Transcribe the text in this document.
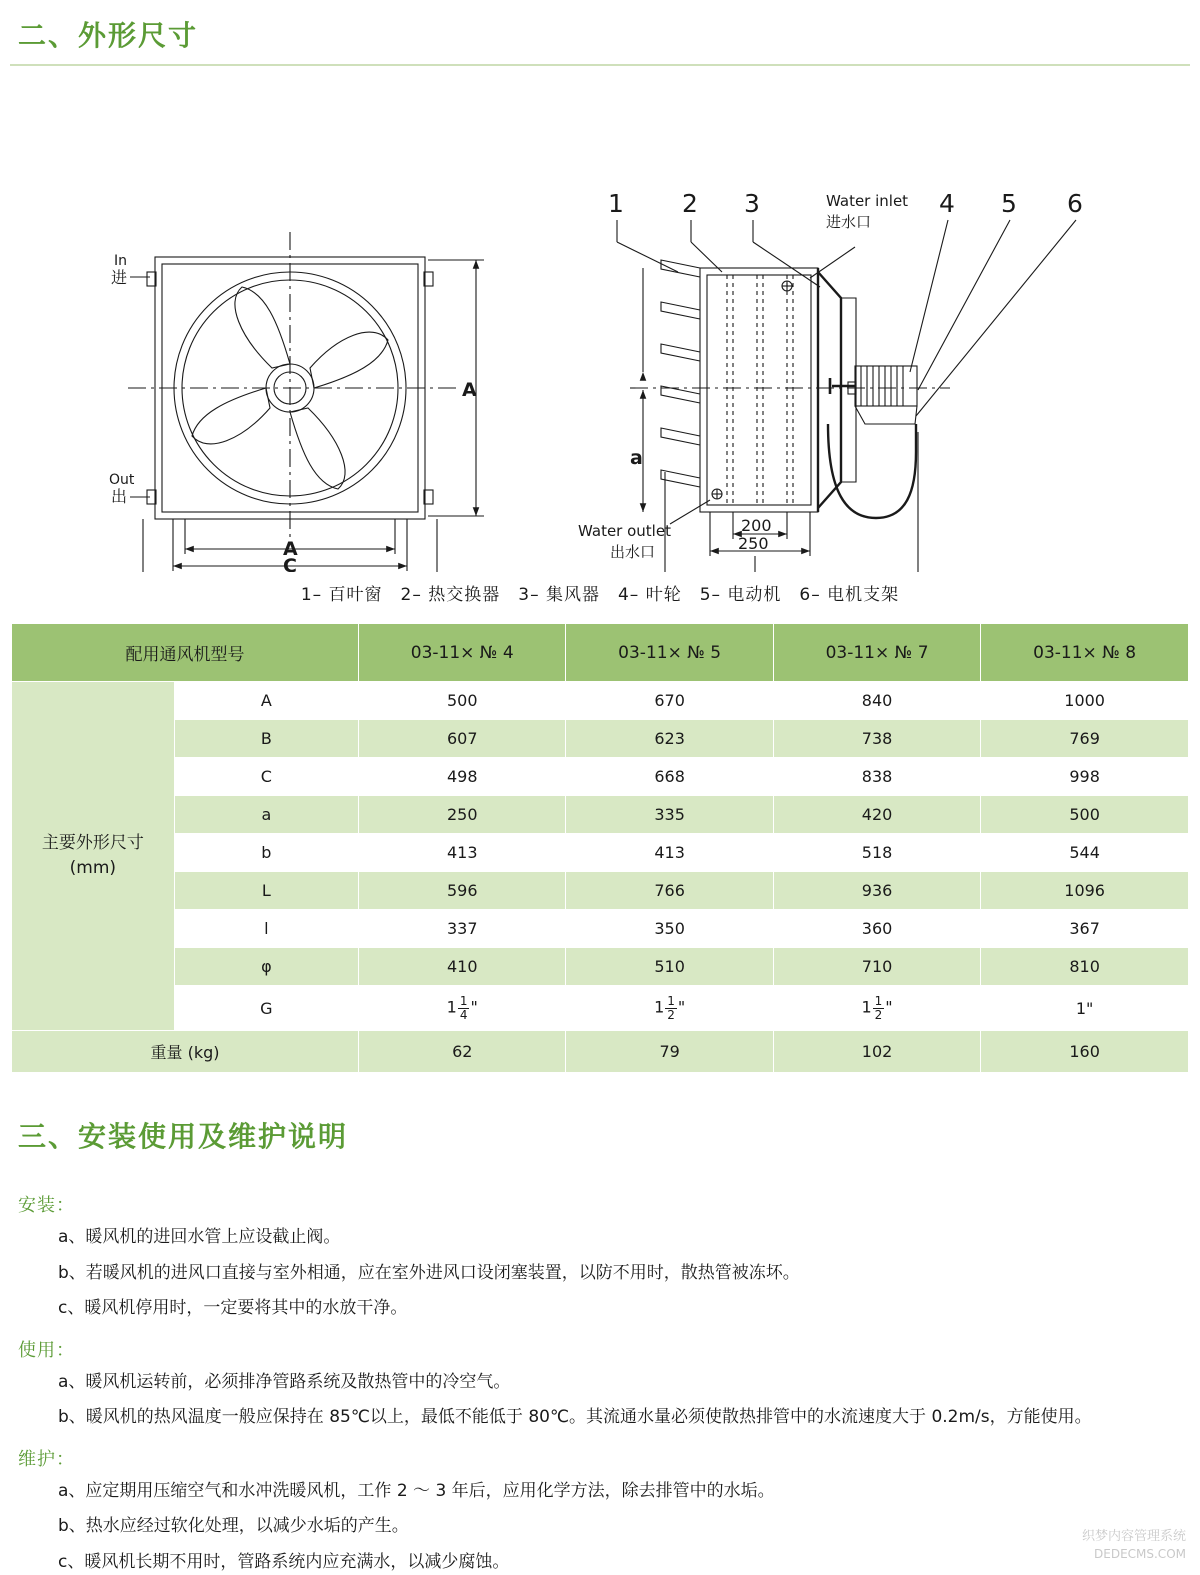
二、外形尺寸
1 2 3	4 5 6
Water inlet
进水口
Water outlet
出水口
In
进
Out
出
A
A
C
a
200
250
1– 百叶窗　2– 热交换器　3– 集风器　4– 叶轮　5– 电动机　6– 电机支架
配用通风机型号		03-11× № 4	03-11× № 5	03-11× № 7	03-11× № 8
主要外形尺寸
(mm)	A	500	670	840	1000
	B	607	623	738	769
	C	498	668	838	998
	a	250	335	420	500
	b	413	413	518	544
	L	596	766	936	1096
	l	337	350	360	367
	φ	410	510	710	810
	G	$1 \frac{1}{4}$ "	$1 \frac{1}{2}$ "	$1 \frac{1}{2}$ "	1"
重量 (kg)		62	79	102	160
三、安装使用及维护说明
安装：

a、暖风机的进回水管上应设截止阀。

b、若暖风机的进风口直接与室外相通，应在室外进风口设闭塞装置，以防不用时，散热管被冻坏。

c、暖风机停用时，一定要将其中的水放干净。

使用：

a、暖风机运转前，必须排净管路系统及散热管中的冷空气。

b、暖风机的热风温度一般应保持在 85℃以上，最低不能低于 80℃。其流通水量必须使散热排管中的水流速度大于 0.2m/s，方能使用。

维护：

a、应定期用压缩空气和水冲洗暖风机，工作 2 ～ 3 年后，应用化学方法，除去排管中的水垢。

b、热水应经过软化处理，以减少水垢的产生。

c、暖风机长期不用时，管路系统内应充满水，以减少腐蚀。

织梦内容管理系统
DEDECMS.COM
